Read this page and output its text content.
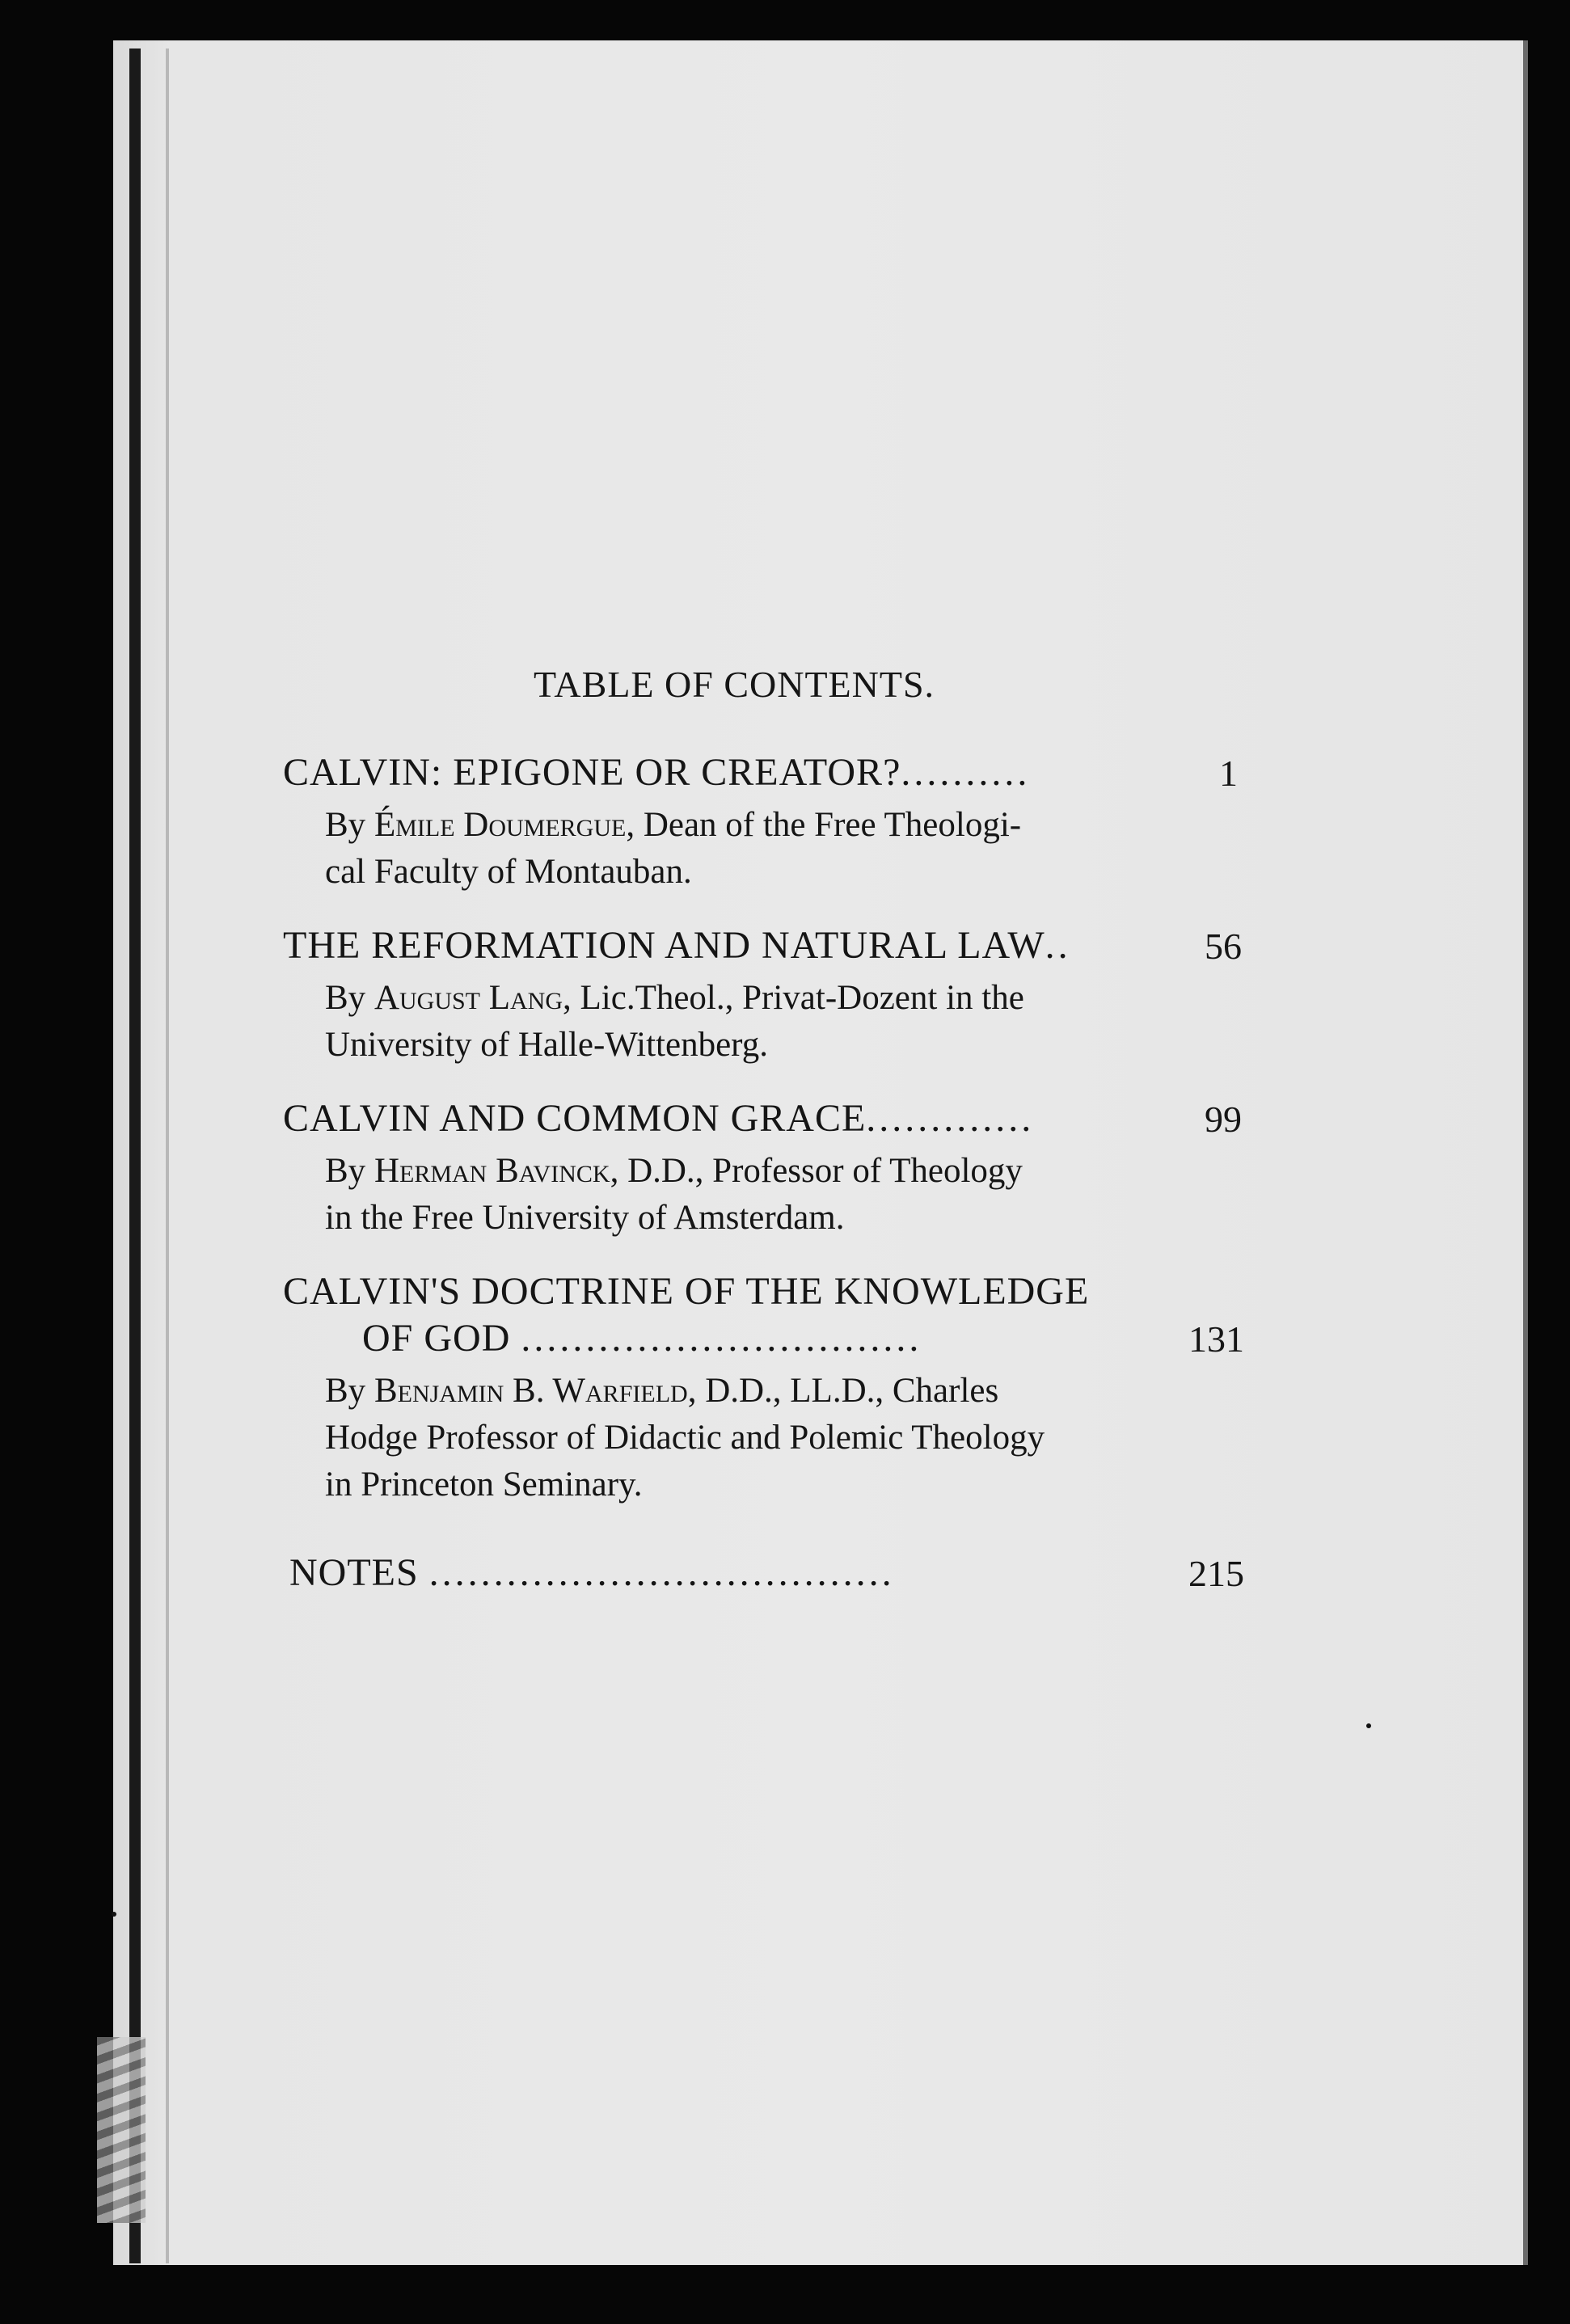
TABLE OF CONTENTS.
CALVIN: EPIGONE OR CREATOR?..........	1
By Émile Doumergue, Dean of the Free Theologi-
cal Faculty of Montauban.
THE REFORMATION AND NATURAL LAW..	56
By August Lang, Lic.Theol., Privat-Dozent in the
University of Halle-Wittenberg.
CALVIN AND COMMON GRACE.............	99
By Herman Bavinck, D.D., Professor of Theology
in the Free University of Amsterdam.
CALVIN'S DOCTRINE OF THE KNOWLEDGE
OF GOD ...............................	131
By Benjamin B. Warfield, D.D., LL.D., Charles
Hodge Professor of Didactic and Polemic Theology
in Princeton Seminary.
NOTES ....................................	215
